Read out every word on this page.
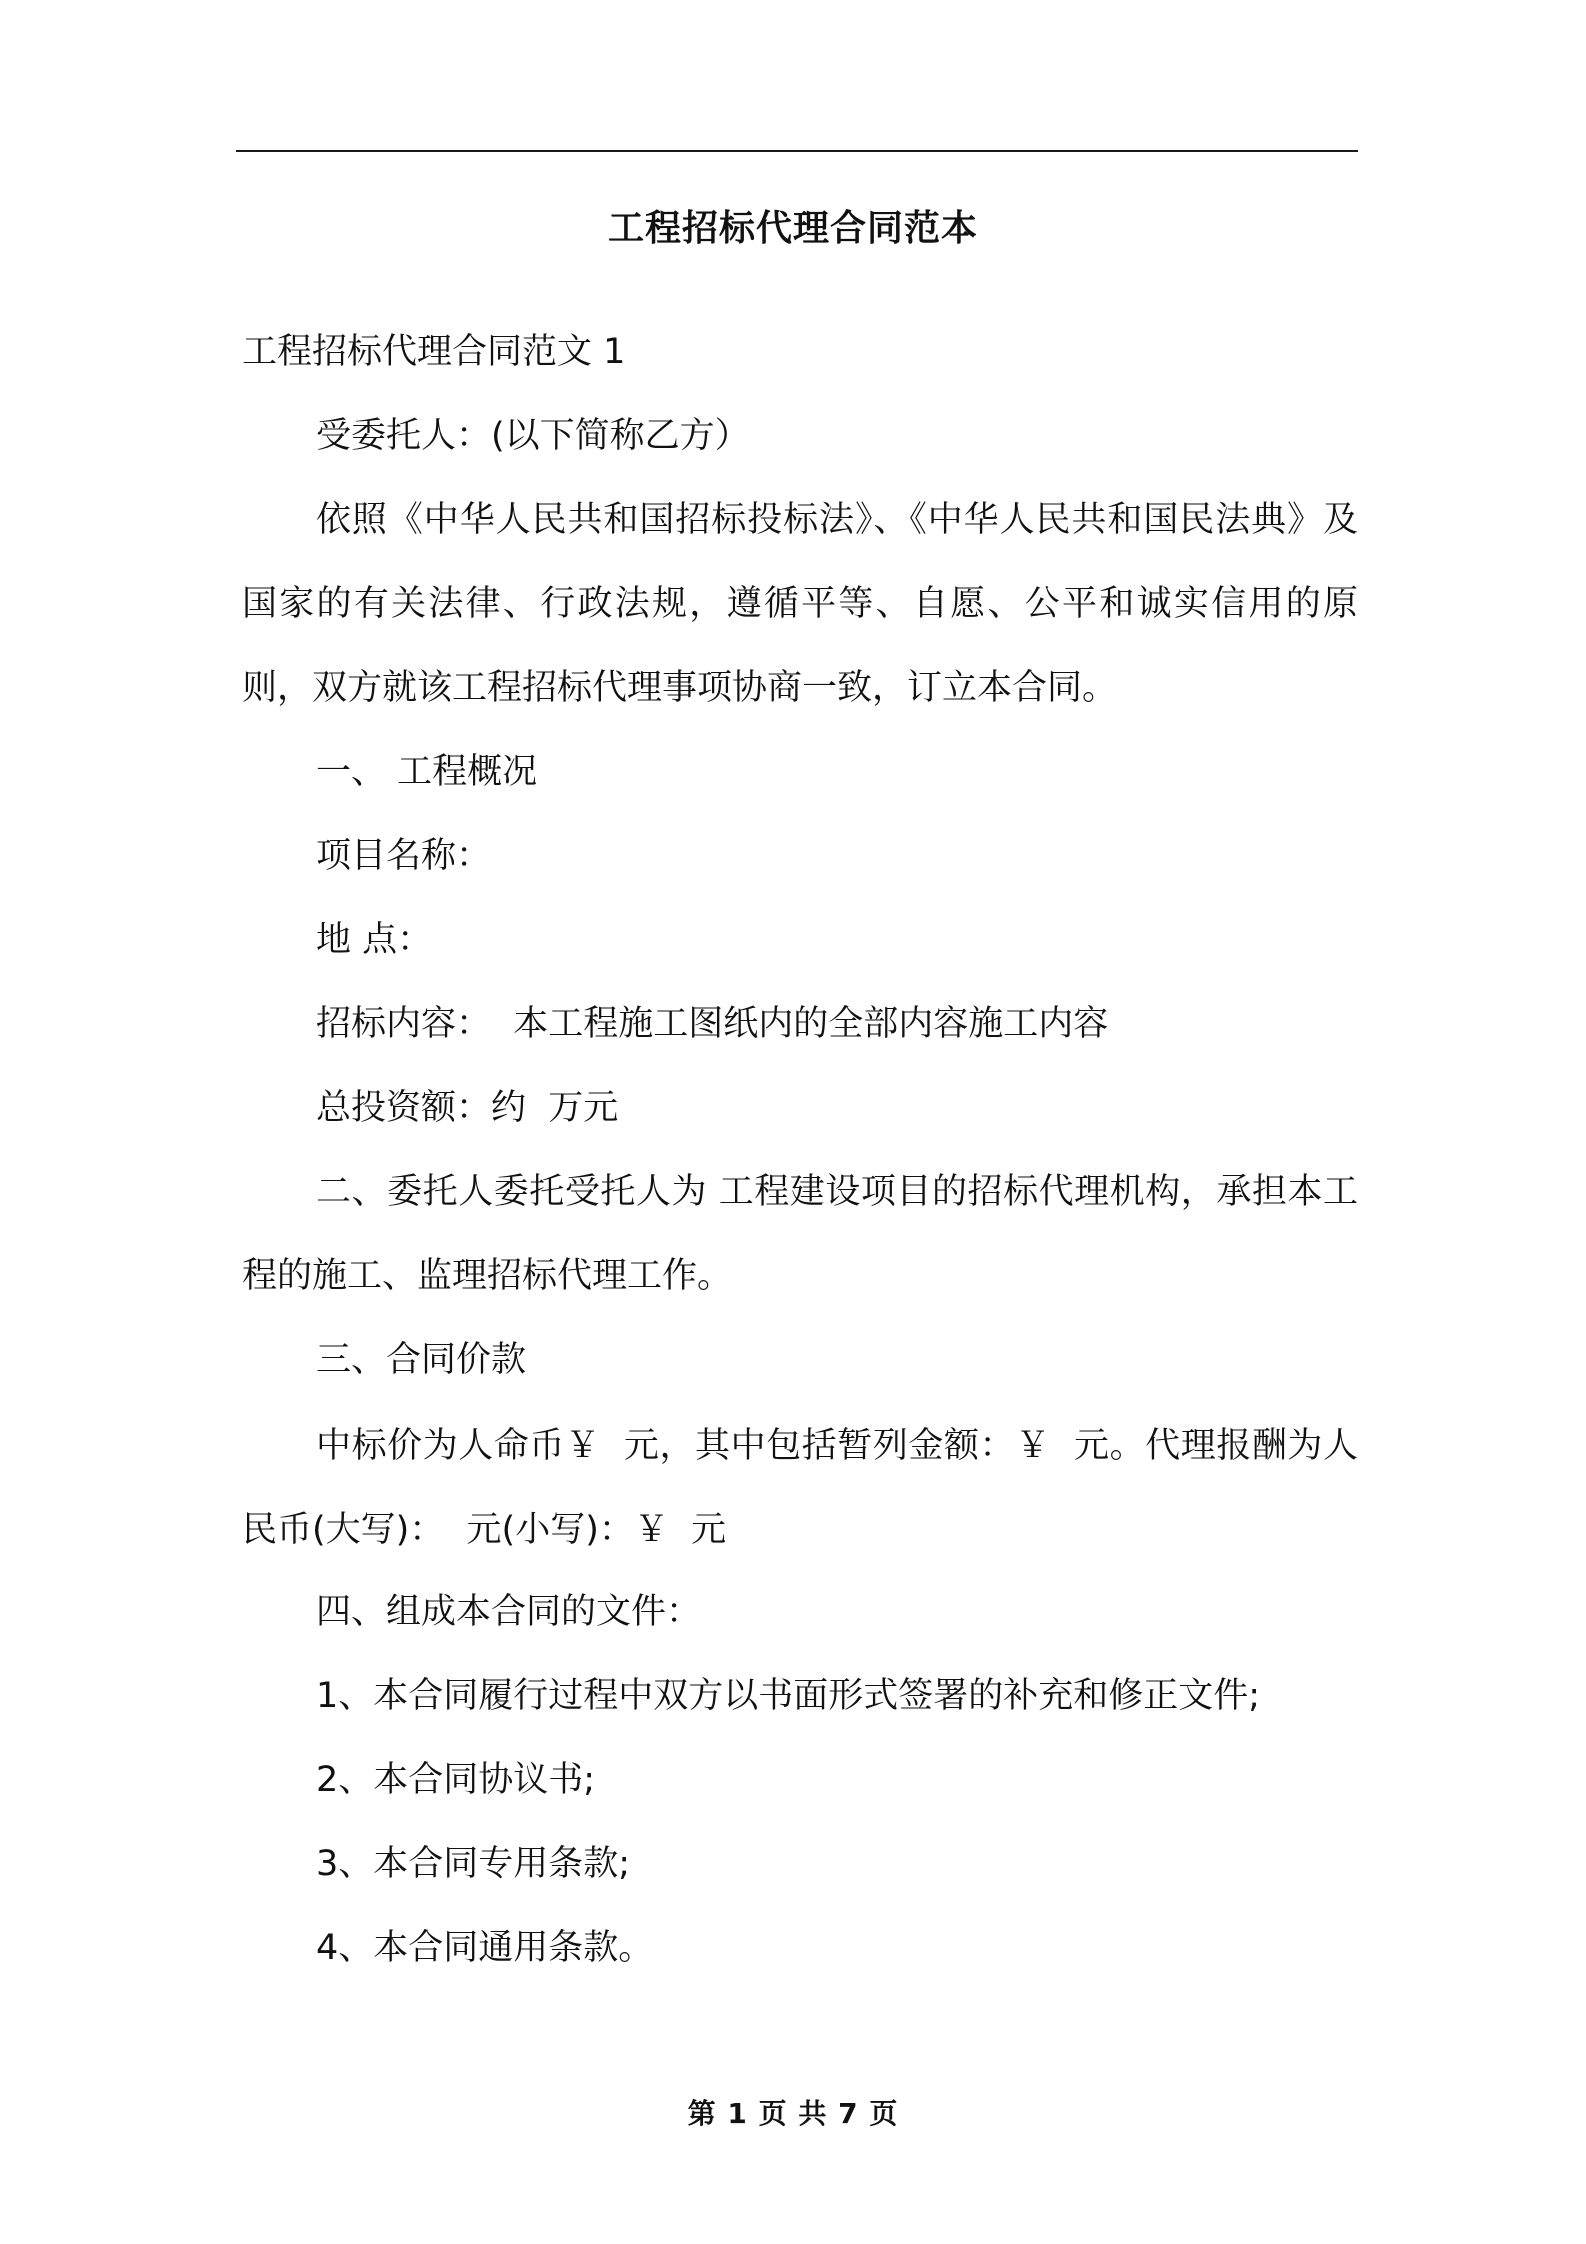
工程招标代理合同范本
工程招标代理合同范文 1
受委托人：(以下简称乙方）
依照《中华人民共和国招标投标法》、《中华人民共和国民法典》及国家的有关法律、行政法规，遵循平等、自愿、公平和诚实信用的原则，双方就该工程招标代理事项协商一致，订立本合同。
一、 工程概况
项目名称：
地 点：
招标内容：  本工程施工图纸内的全部内容施工内容
总投资额：约  万元
二、委托人委托受托人为 工程建设项目的招标代理机构，承担本工程的施工、监理招标代理工作。
三、合同价款
中标价为人命币￥  元，其中包括暂列金额：￥  元。代理报酬为人民币(大写)：  元(小写)：￥  元
四、组成本合同的文件：
1、本合同履行过程中双方以书面形式签署的补充和修正文件;
2、本合同协议书;
3、本合同专用条款;
4、本合同通用条款。
第 1 页 共 7 页
